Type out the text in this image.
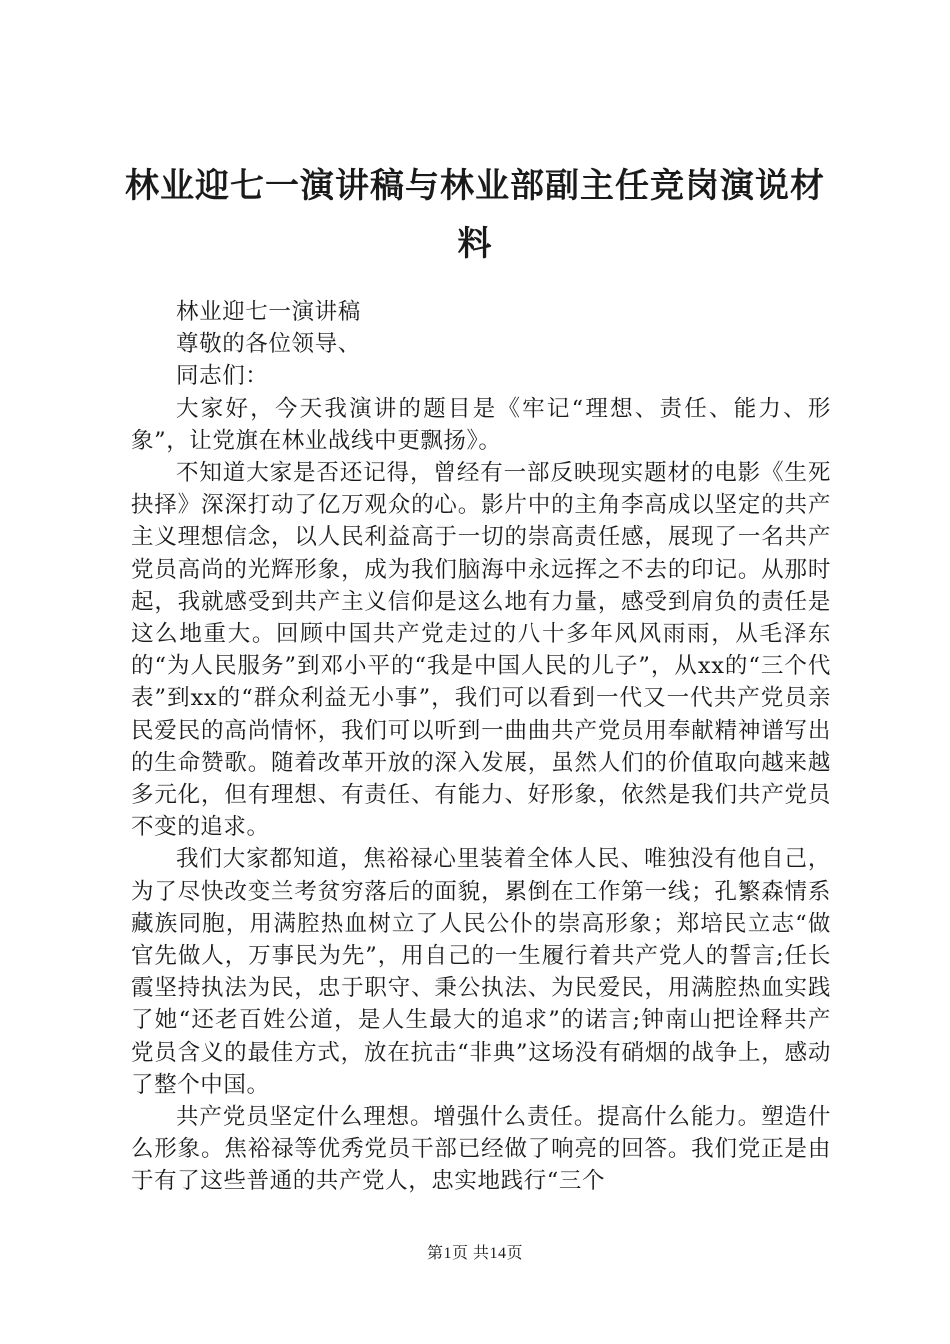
林业迎七一演讲稿与林业部副主任竞岗演说材料

林业迎七一演讲稿

尊敬的各位领导、

同志们：

大家好，今天我演讲的题目是《牢记“理想、责任、能力、形象”，让党旗在林业战线中更飘扬》。

不知道大家是否还记得，曾经有一部反映现实题材的电影《生死抉择》深深打动了亿万观众的心。影片中的主角李高成以坚定的共产主义理想信念，以人民利益高于一切的崇高责任感，展现了一名共产党员高尚的光辉形象，成为我们脑海中永远挥之不去的印记。从那时起，我就感受到共产主义信仰是这么地有力量，感受到肩负的责任是这么地重大。回顾中国共产党走过的八十多年风风雨雨，从毛泽东的“为人民服务”到邓小平的“我是中国人民的儿子”，从xx的“三个代表”到xx的“群众利益无小事”，我们可以看到一代又一代共产党员亲民爱民的高尚情怀，我们可以听到一曲曲共产党员用奉献精神谱写出的生命赞歌。随着改革开放的深入发展，虽然人们的价值取向越来越多元化，但有理想、有责任、有能力、好形象，依然是我们共产党员不变的追求。

我们大家都知道，焦裕禄心里装着全体人民、唯独没有他自己，为了尽快改变兰考贫穷落后的面貌，累倒在工作第一线；孔繁森情系藏族同胞，用满腔热血树立了人民公仆的崇高形象；郑培民立志“做官先做人，万事民为先”，用自己的一生履行着共产党人的誓言;任长霞坚持执法为民，忠于职守、秉公执法、为民爱民，用满腔热血实践了她“还老百姓公道，是人生最大的追求”的诺言;钟南山把诠释共产党员含义的最佳方式，放在抗击“非典”这场没有硝烟的战争上，感动了整个中国。

共产党员坚定什么理想。增强什么责任。提高什么能力。塑造什么形象。焦裕禄等优秀党员干部已经做了响亮的回答。我们党正是由于有了这些普通的共产党人，忠实地践行“三个

第1页 共14页
